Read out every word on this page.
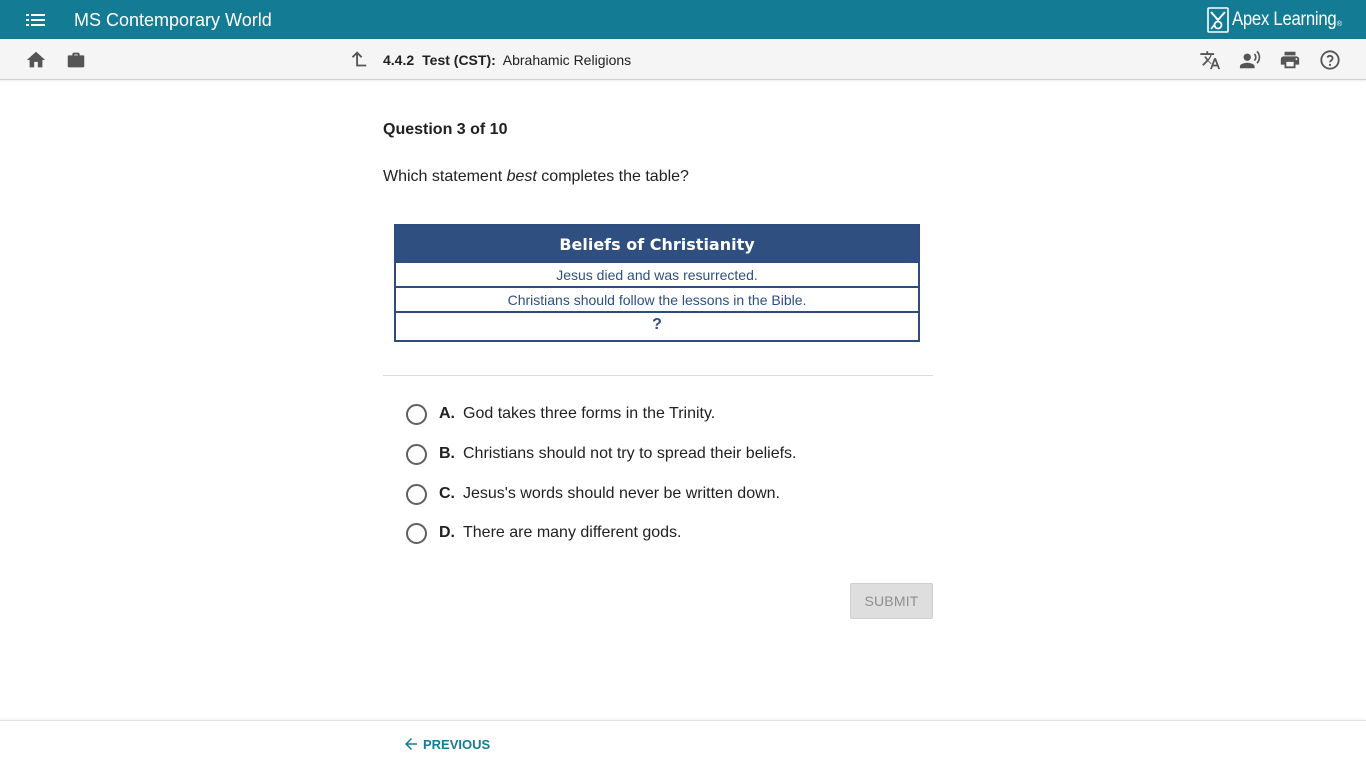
MS Contemporary World	Apex Learning ®
4.4.2 Test (CST): Abrahamic Religions
Question 3 of 10
Which statement best completes the table?
Beliefs of Christianity
Jesus died and was resurrected.
Christians should follow the lessons in the Bible.
?
A. God takes three forms in the Trinity.
B. Christians should not try to spread their beliefs.
C. Jesus's words should never be written down.
D. There are many different gods.
SUBMIT
PREVIOUS
